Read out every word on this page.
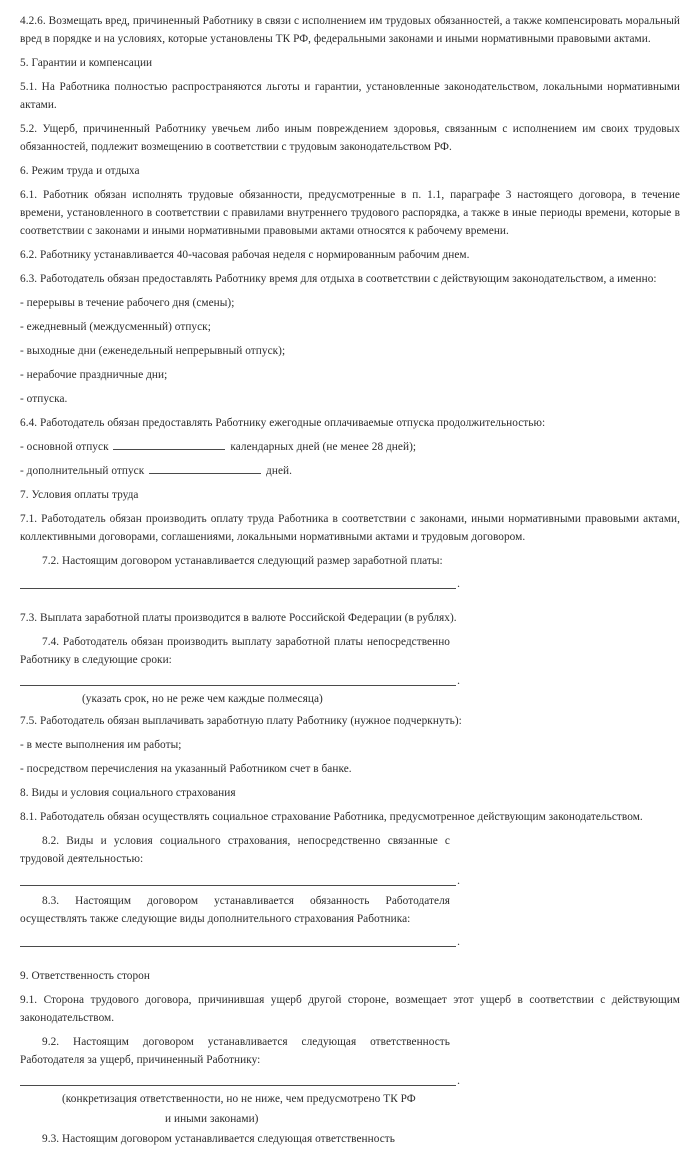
4.2.6. Возмещать вред, причиненный Работнику в связи с исполнением им трудовых обязанностей, а также компенсировать моральный вред в порядке и на условиях, которые установлены ТК РФ, федеральными законами и иными нормативными правовыми актами.

5. Гарантии и компенсации

5.1. На Работника полностью распространяются льготы и гарантии, установленные законодательством, локальными нормативными актами.

5.2. Ущерб, причиненный Работнику увечьем либо иным повреждением здоровья, связанным с исполнением им своих трудовых обязанностей, подлежит возмещению в соответствии с трудовым законодательством РФ.

6. Режим труда и отдыха

6.1. Работник обязан исполнять трудовые обязанности, предусмотренные в п. 1.1, параграфе 3 настоящего договора, в течение времени, установленного в соответствии с правилами внутреннего трудового распорядка, а также в иные периоды времени, которые в соответствии с законами и иными нормативными правовыми актами относятся к рабочему времени.

6.2. Работнику устанавливается 40-часовая рабочая неделя с нормированным рабочим днем.

6.3. Работодатель обязан предоставлять Работнику время для отдыха в соответствии с действующим законодательством, а именно:

- перерывы в течение рабочего дня (смены);

- ежедневный (междусменный) отпуск;

- выходные дни (еженедельный непрерывный отпуск);

- нерабочие праздничные дни;

- отпуска.

6.4. Работодатель обязан предоставлять Работнику ежегодные оплачиваемые отпуска продолжительностью:

- основной отпуск	календарных дней (не менее 28 дней);

- дополнительный отпуск	дней.

7. Условия оплаты труда

7.1. Работодатель обязан производить оплату труда Работника в соответствии с законами, иными нормативными правовыми актами, коллективными договорами, соглашениями, локальными нормативными актами и трудовым договором.

7.2. Настоящим договором устанавливается следующий размер заработной платы:

.

7.3. Выплата заработной платы производится в валюте Российской Федерации (в рублях).

7.4. Работодатель обязан производить выплату заработной платы непосредственно Работнику в следующие сроки:

.

(указать срок, но не реже чем каждые полмесяца)

7.5. Работодатель обязан выплачивать заработную плату Работнику (нужное подчеркнуть):

- в месте выполнения им работы;

- посредством перечисления на указанный Работником счет в банке.

8. Виды и условия социального страхования

8.1. Работодатель обязан осуществлять социальное страхование Работника, предусмотренное действующим законодательством.

8.2. Виды и условия социального страхования, непосредственно связанные с трудовой деятельностью:

.

8.3. Настоящим договором устанавливается обязанность Работодателя осуществлять также следующие виды дополнительного страхования Работника:

.

9. Ответственность сторон

9.1. Сторона трудового договора, причинившая ущерб другой стороне, возмещает этот ущерб в соответствии с действующим законодательством.

9.2. Настоящим договором устанавливается следующая ответственность Работодателя за ущерб, причиненный Работнику:

.

(конкретизация ответственности, но не ниже, чем предусмотрено ТК РФ

и иными законами)

9.3. Настоящим договором устанавливается следующая ответственность
